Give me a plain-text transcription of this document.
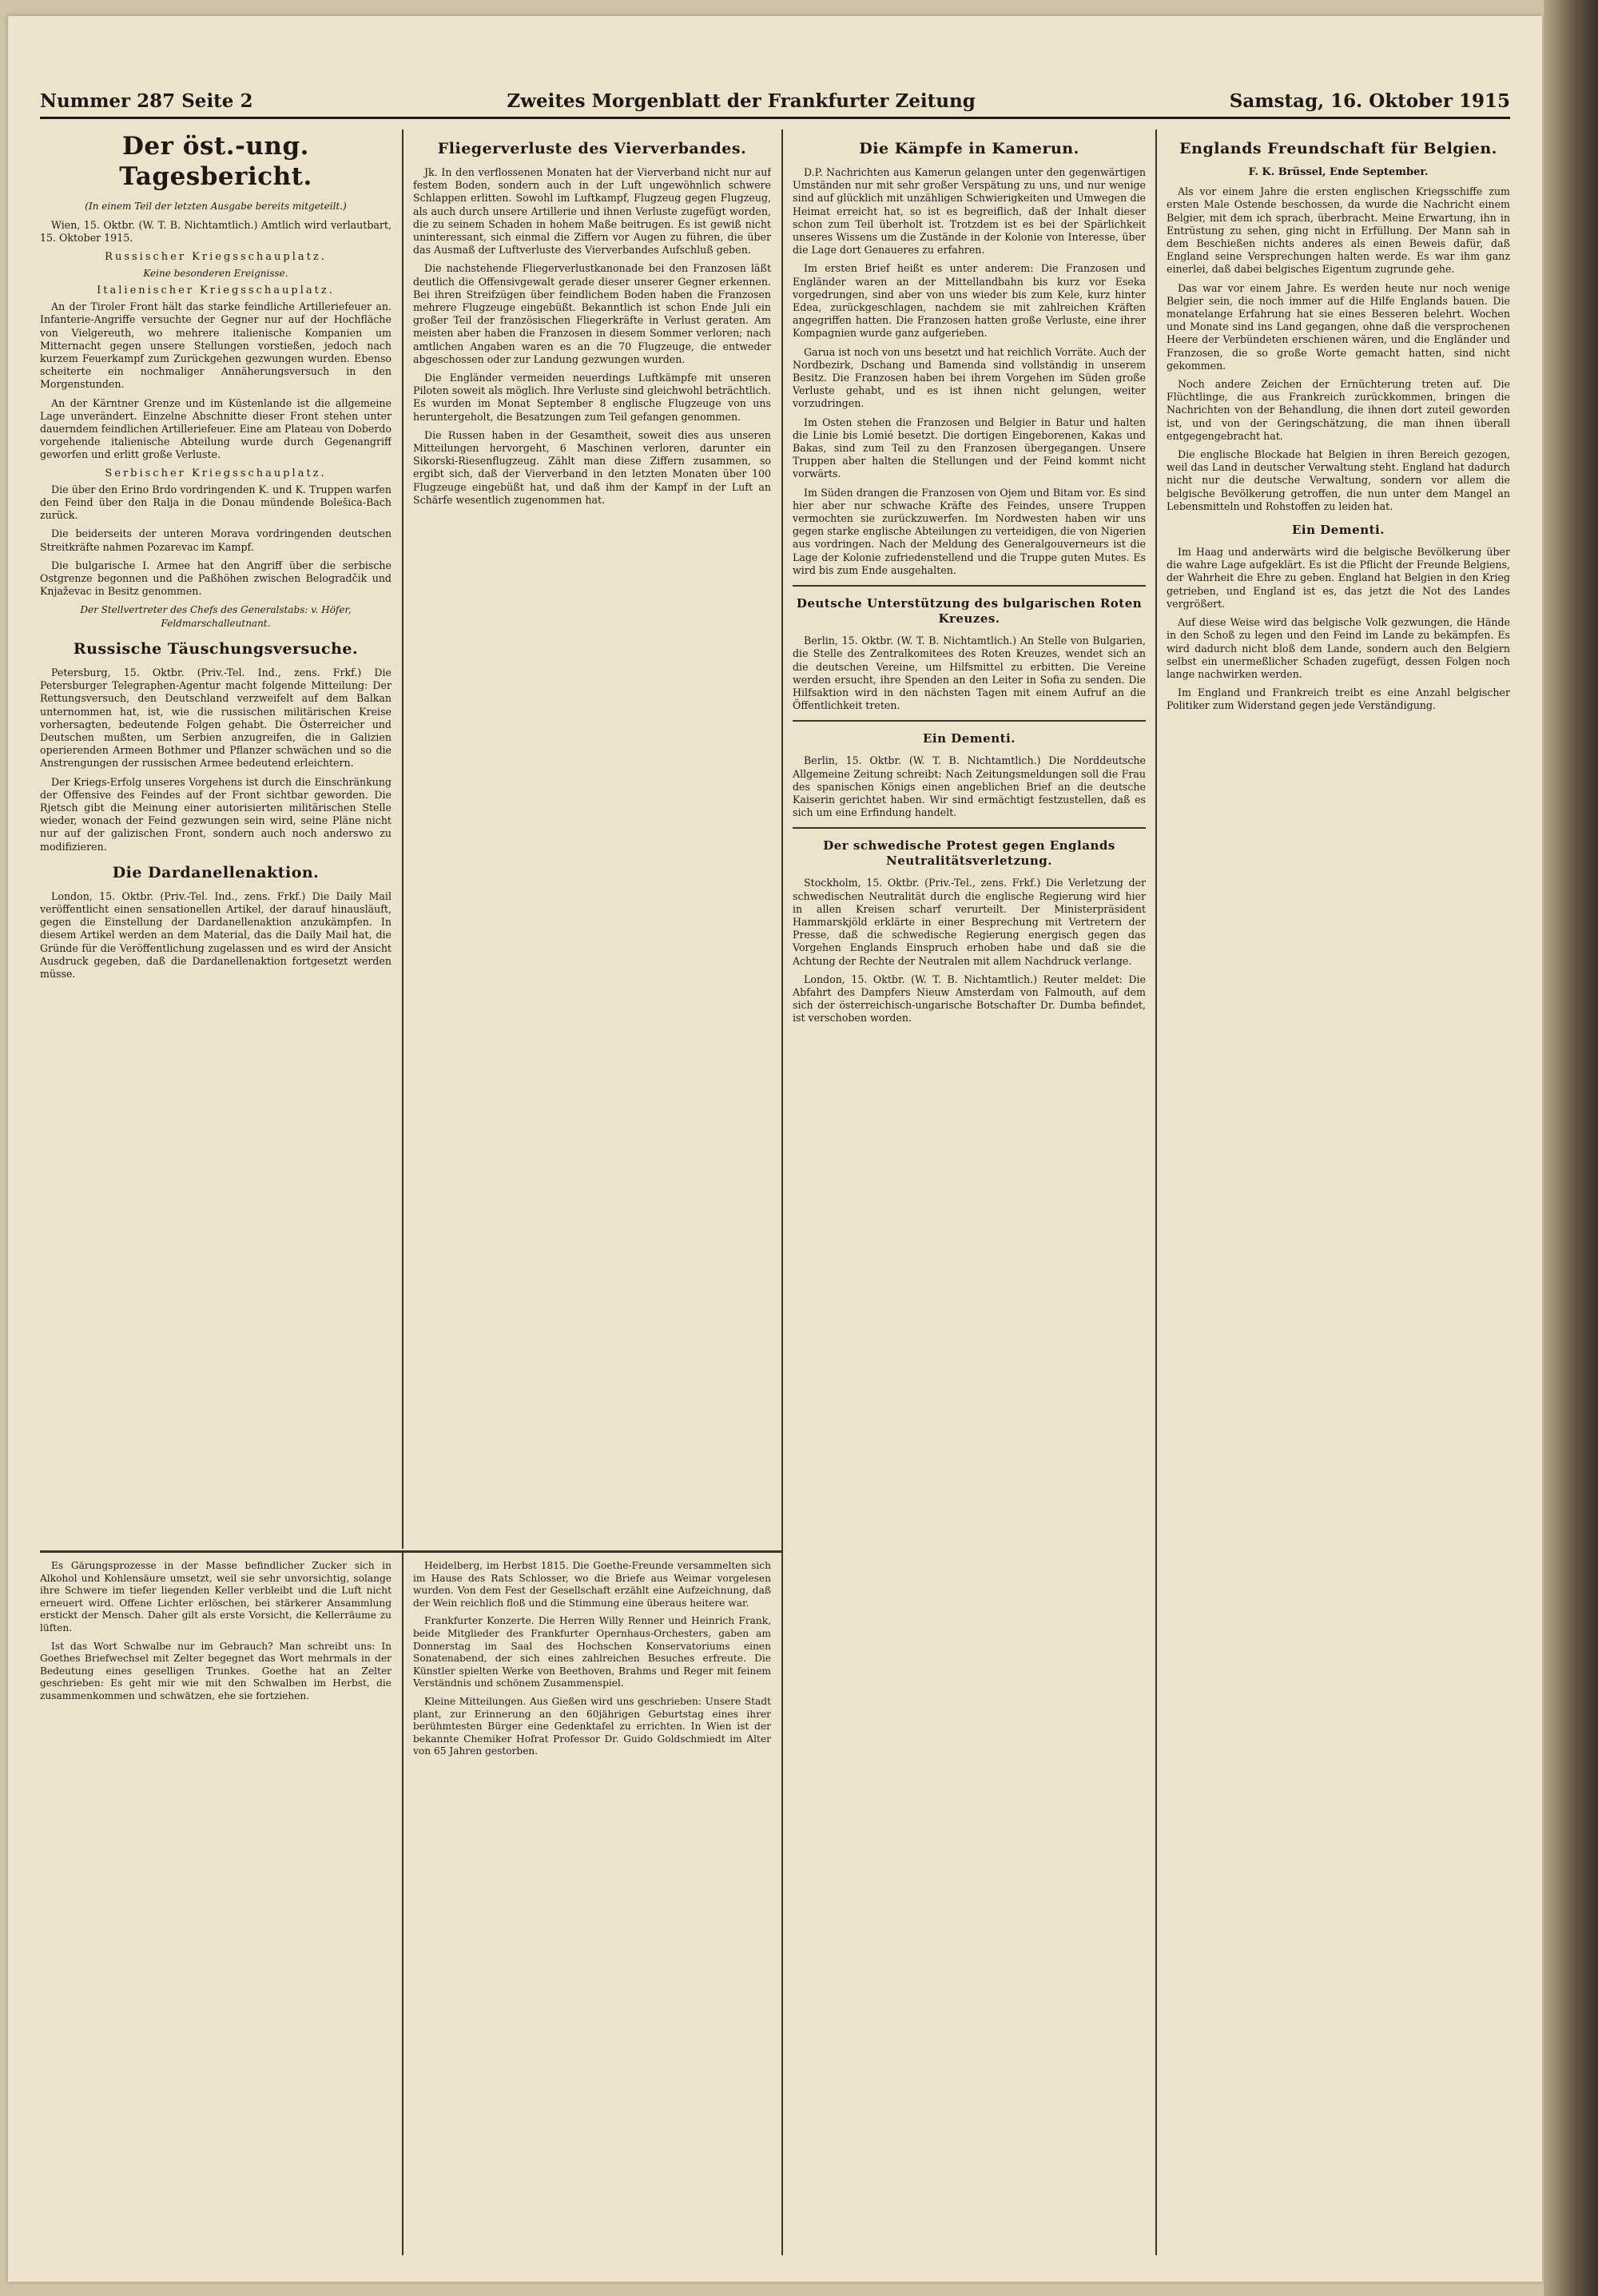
Nummer 287 Seite 2	Zweites Morgenblatt der Frankfurter Zeitung	Samstag, 16. Oktober 1915
Der öst.-ung. Tagesbericht.
(In einem Teil der letzten Ausgabe bereits mitgeteilt.)

Wien, 15. Oktbr. (W. T. B. Nichtamtlich.) Amtlich wird verlautbart, 15. Oktober 1915.

Russischer Kriegsschauplatz.
Keine besonderen Ereignisse.
Italienischer Kriegsschauplatz.

An der Tiroler Front hält das starke feindliche Artilleriefeuer an. Infanterie-Angriffe versuchte der Gegner nur auf der Hochfläche von Vielgereuth, wo mehrere italienische Kompanien um Mitternacht gegen unsere Stellungen vorstießen, jedoch nach kurzem Feuerkampf zum Zurückgehen gezwungen wurden. Ebenso scheiterte ein nochmaliger Annäherungsversuch in den Morgenstunden.

An der Kärntner Grenze und im Küstenlande ist die allgemeine Lage unverändert. Einzelne Abschnitte dieser Front stehen unter dauerndem feindlichen Artilleriefeuer. Eine am Plateau von Doberdo vorgehende italienische Abteilung wurde durch Gegenangriff geworfen und erlitt große Verluste.

Serbischer Kriegsschauplatz.

Die über den Erino Brdo vordringenden K. und K. Truppen warfen den Feind über den Ralja in die Donau mündende Bolešica-Bach zurück.

Die beiderseits der unteren Morava vordringenden deutschen Streitkräfte nahmen Pozarevac im Kampf.

Die bulgarische I. Armee hat den Angriff über die serbische Ostgrenze begonnen und die Paßhöhen zwischen Belogradčik und Knjaževac in Besitz genommen.

Der Stellvertreter des Chefs des Generalstabs: v. Höfer, Feldmarschalleutnant.
Russische Täuschungsversuche.

Petersburg, 15. Oktbr. (Priv.-Tel. Ind., zens. Frkf.) Die Petersburger Telegraphen-Agentur macht folgende Mitteilung: Der Rettungsversuch, den Deutschland verzweifelt auf dem Balkan unternommen hat, ist, wie die russischen militärischen Kreise vorhersagten, bedeutende Folgen gehabt. Die Österreicher und Deutschen mußten, um Serbien anzugreifen, die in Galizien operierenden Armeen Bothmer und Pflanzer schwächen und so die Anstrengungen der russischen Armee bedeutend erleichtern.

Der Kriegs-Erfolg unseres Vorgehens ist durch die Einschränkung der Offensive des Feindes auf der Front sichtbar geworden. Die Rjetsch gibt die Meinung einer autorisierten militärischen Stelle wieder, wonach der Feind gezwungen sein wird, seine Pläne nicht nur auf der galizischen Front, sondern auch noch anderswo zu modifizieren.

Die Dardanellenaktion.

London, 15. Oktbr. (Priv.-Tel. Ind., zens. Frkf.) Die Daily Mail veröffentlicht einen sensationellen Artikel, der darauf hinausläuft, gegen die Einstellung der Dardanellenaktion anzukämpfen. In diesem Artikel werden an dem Material, das die Daily Mail hat, die Gründe für die Veröffentlichung zugelassen und es wird der Ansicht Ausdruck gegeben, daß die Dardanellenaktion fortgesetzt werden müsse.

Fliegerverluste des Vierverbandes.

Jk. In den verflossenen Monaten hat der Vierverband nicht nur auf festem Boden, sondern auch in der Luft ungewöhnlich schwere Schlappen erlitten. Sowohl im Luftkampf, Flugzeug gegen Flugzeug, als auch durch unsere Artillerie und ihnen Verluste zugefügt worden, die zu seinem Schaden in hohem Maße beitrugen. Es ist gewiß nicht uninteressant, sich einmal die Ziffern vor Augen zu führen, die über das Ausmaß der Luftverluste des Vierverbandes Aufschluß geben.

Die nachstehende Fliegerverlustkanonade bei den Franzosen läßt deutlich die Offensivgewalt gerade dieser unserer Gegner erkennen. Bei ihren Streifzügen über feindlichem Boden haben die Franzosen mehrere Flugzeuge eingebüßt. Bekanntlich ist schon Ende Juli ein großer Teil der französischen Fliegerkräfte in Verlust geraten. Am meisten aber haben die Franzosen in diesem Sommer verloren; nach amtlichen Angaben waren es an die 70 Flugzeuge, die entweder abgeschossen oder zur Landung gezwungen wurden.

Die Engländer vermeiden neuerdings Luftkämpfe mit unseren Piloten soweit als möglich. Ihre Verluste sind gleichwohl beträchtlich. Es wurden im Monat September 8 englische Flugzeuge von uns heruntergeholt, die Besatzungen zum Teil gefangen genommen.

Die Russen haben in der Gesamtheit, soweit dies aus unseren Mitteilungen hervorgeht, 6 Maschinen verloren, darunter ein Sikorski-Riesenflugzeug. Zählt man diese Ziffern zusammen, so ergibt sich, daß der Vierverband in den letzten Monaten über 100 Flugzeuge eingebüßt hat, und daß ihm der Kampf in der Luft an Schärfe wesentlich zugenommen hat.

Es Gärungsprozesse in der Masse befindlicher Zucker sich in Alkohol und Kohlensäure umsetzt, weil sie sehr unvorsichtig, solange ihre Schwere im tiefer liegenden Keller verbleibt und die Luft nicht erneuert wird. Offene Lichter erlöschen, bei stärkerer Ansammlung erstickt der Mensch. Daher gilt als erste Vorsicht, die Kellerräume zu lüften.

Ist das Wort Schwalbe nur im Gebrauch? Man schreibt uns: In Goethes Briefwechsel mit Zelter begegnet das Wort mehrmals in der Bedeutung eines geselligen Trunkes. Goethe hat an Zelter geschrieben: Es geht mir wie mit den Schwalben im Herbst, die zusammenkommen und schwätzen, ehe sie fortziehen.

Heidelberg, im Herbst 1815. Die Goethe-Freunde versammelten sich im Hause des Rats Schlosser, wo die Briefe aus Weimar vorgelesen wurden. Von dem Fest der Gesellschaft erzählt eine Aufzeichnung, daß der Wein reichlich floß und die Stimmung eine überaus heitere war.

Frankfurter Konzerte. Die Herren Willy Renner und Heinrich Frank, beide Mitglieder des Frankfurter Opernhaus-Orchesters, gaben am Donnerstag im Saal des Hochschen Konservatoriums einen Sonatenabend, der sich eines zahlreichen Besuches erfreute. Die Künstler spielten Werke von Beethoven, Brahms und Reger mit feinem Verständnis und schönem Zusammenspiel.

Kleine Mitteilungen. Aus Gießen wird uns geschrieben: Unsere Stadt plant, zur Erinnerung an den 60jährigen Geburtstag eines ihrer berühmtesten Bürger eine Gedenktafel zu errichten. In Wien ist der bekannte Chemiker Hofrat Professor Dr. Guido Goldschmiedt im Alter von 65 Jahren gestorben.

Die Kämpfe in Kamerun.

D.P. Nachrichten aus Kamerun gelangen unter den gegenwärtigen Umständen nur mit sehr großer Verspätung zu uns, und nur wenige sind auf glücklich mit unzähligen Schwierigkeiten und Umwegen die Heimat erreicht hat, so ist es begreiflich, daß der Inhalt dieser schon zum Teil überholt ist. Trotzdem ist es bei der Spärlichkeit unseres Wissens um die Zustände in der Kolonie von Interesse, über die Lage dort Genaueres zu erfahren.

Im ersten Brief heißt es unter anderem: Die Franzosen und Engländer waren an der Mittellandbahn bis kurz vor Eseka vorgedrungen, sind aber von uns wieder bis zum Kele, kurz hinter Edea, zurückgeschlagen, nachdem sie mit zahlreichen Kräften angegriffen hatten. Die Franzosen hatten große Verluste, eine ihrer Kompagnien wurde ganz aufgerieben.

Garua ist noch von uns besetzt und hat reichlich Vorräte. Auch der Nordbezirk, Dschang und Bamenda sind vollständig in unserem Besitz. Die Franzosen haben bei ihrem Vorgehen im Süden große Verluste gehabt, und es ist ihnen nicht gelungen, weiter vorzudringen.

Im Osten stehen die Franzosen und Belgier in Batur und halten die Linie bis Lomié besetzt. Die dortigen Eingeborenen, Kakas und Bakas, sind zum Teil zu den Franzosen übergegangen. Unsere Truppen aber halten die Stellungen und der Feind kommt nicht vorwärts.

Im Süden drangen die Franzosen von Ojem und Bitam vor. Es sind hier aber nur schwache Kräfte des Feindes, unsere Truppen vermochten sie zurückzuwerfen. Im Nordwesten haben wir uns gegen starke englische Abteilungen zu verteidigen, die von Nigerien aus vordringen. Nach der Meldung des Generalgouverneurs ist die Lage der Kolonie zufriedenstellend und die Truppe guten Mutes. Es wird bis zum Ende ausgehalten.

Deutsche Unterstützung des bulgarischen Roten Kreuzes.

Berlin, 15. Oktbr. (W. T. B. Nichtamtlich.) An Stelle von Bulgarien, die Stelle des Zentralkomitees des Roten Kreuzes, wendet sich an die deutschen Vereine, um Hilfsmittel zu erbitten. Die Vereine werden ersucht, ihre Spenden an den Leiter in Sofia zu senden. Die Hilfsaktion wird in den nächsten Tagen mit einem Aufruf an die Öffentlichkeit treten.

Ein Dementi.

Berlin, 15. Oktbr. (W. T. B. Nichtamtlich.) Die Norddeutsche Allgemeine Zeitung schreibt: Nach Zeitungsmeldungen soll die Frau des spanischen Königs einen angeblichen Brief an die deutsche Kaiserin gerichtet haben. Wir sind ermächtigt festzustellen, daß es sich um eine Erfindung handelt.

Der schwedische Protest gegen Englands Neutralitätsverletzung.

Stockholm, 15. Oktbr. (Priv.-Tel., zens. Frkf.) Die Verletzung der schwedischen Neutralität durch die englische Regierung wird hier in allen Kreisen scharf verurteilt. Der Ministerpräsident Hammarskjöld erklärte in einer Besprechung mit Vertretern der Presse, daß die schwedische Regierung energisch gegen das Vorgehen Englands Einspruch erhoben habe und daß sie die Achtung der Rechte der Neutralen mit allem Nachdruck verlange.

London, 15. Oktbr. (W. T. B. Nichtamtlich.) Reuter meldet: Die Abfahrt des Dampfers Nieuw Amsterdam von Falmouth, auf dem sich der österreichisch-ungarische Botschafter Dr. Dumba befindet, ist verschoben worden.

Englands Freundschaft für Belgien.
F. K. Brüssel, Ende September.

Als vor einem Jahre die ersten englischen Kriegsschiffe zum ersten Male Ostende beschossen, da wurde die Nachricht einem Belgier, mit dem ich sprach, überbracht. Meine Erwartung, ihn in Entrüstung zu sehen, ging nicht in Erfüllung. Der Mann sah in dem Beschießen nichts anderes als einen Beweis dafür, daß England seine Versprechungen halten werde. Es war ihm ganz einerlei, daß dabei belgisches Eigentum zugrunde gehe.

Das war vor einem Jahre. Es werden heute nur noch wenige Belgier sein, die noch immer auf die Hilfe Englands bauen. Die monatelange Erfahrung hat sie eines Besseren belehrt. Wochen und Monate sind ins Land gegangen, ohne daß die versprochenen Heere der Verbündeten erschienen wären, und die Engländer und Franzosen, die so große Worte gemacht hatten, sind nicht gekommen.

Noch andere Zeichen der Ernüchterung treten auf. Die Flüchtlinge, die aus Frankreich zurückkommen, bringen die Nachrichten von der Behandlung, die ihnen dort zuteil geworden ist, und von der Geringschätzung, die man ihnen überall entgegengebracht hat.

Die englische Blockade hat Belgien in ihren Bereich gezogen, weil das Land in deutscher Verwaltung steht. England hat dadurch nicht nur die deutsche Verwaltung, sondern vor allem die belgische Bevölkerung getroffen, die nun unter dem Mangel an Lebensmitteln und Rohstoffen zu leiden hat.

Ein Dementi.

Im Haag und anderwärts wird die belgische Bevölkerung über die wahre Lage aufgeklärt. Es ist die Pflicht der Freunde Belgiens, der Wahrheit die Ehre zu geben. England hat Belgien in den Krieg getrieben, und England ist es, das jetzt die Not des Landes vergrößert.

Auf diese Weise wird das belgische Volk gezwungen, die Hände in den Schoß zu legen und den Feind im Lande zu bekämpfen. Es wird dadurch nicht bloß dem Lande, sondern auch den Belgiern selbst ein unermeßlicher Schaden zugefügt, dessen Folgen noch lange nachwirken werden.

Im England und Frankreich treibt es eine Anzahl belgischer Politiker zum Widerstand gegen jede Verständigung.
